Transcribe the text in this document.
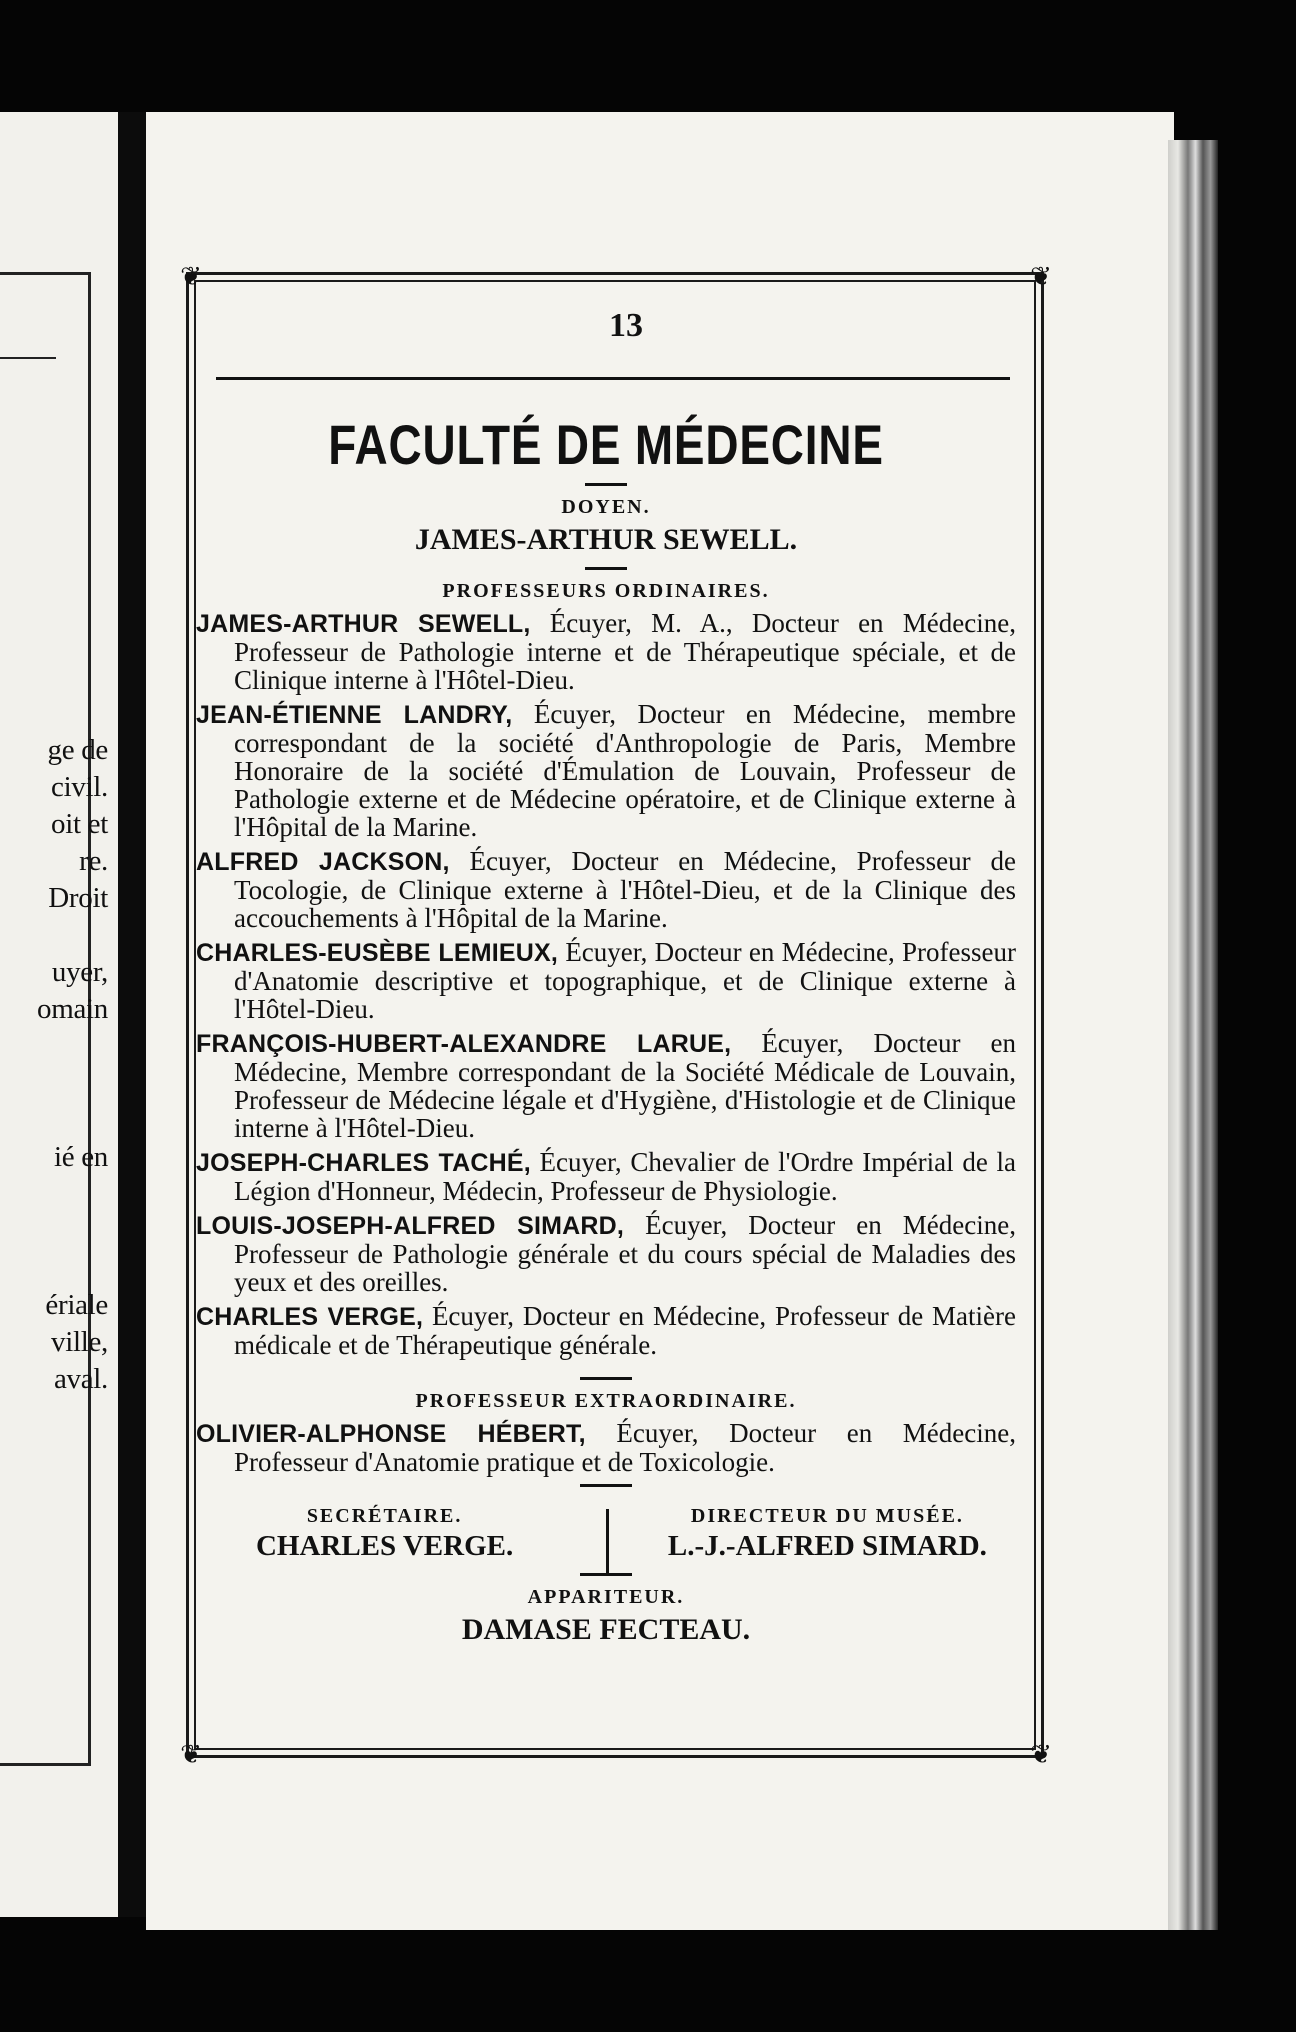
ge de
civil.
oit et
re.
Droit

uyer,
omain

ié en

ériale
ville,
aval.
❦	❦
❦	❦
13
FACULTÉ DE MÉDECINE
DOYEN.
JAMES-ARTHUR SEWELL.
PROFESSEURS ORDINAIRES.
JAMES-ARTHUR SEWELL, Écuyer, M. A., Docteur en Médecine, Professeur de Pathologie interne et de Thérapeutique spéciale, et de Clinique interne à l'Hôtel-Dieu.
JEAN-ÉTIENNE LANDRY, Écuyer, Docteur en Médecine, membre correspondant de la société d'Anthropologie de Paris, Membre Honoraire de la société d'Émulation de Louvain, Professeur de Pathologie externe et de Médecine opératoire, et de Clinique externe à l'Hôpital de la Marine.
ALFRED JACKSON, Écuyer, Docteur en Médecine, Professeur de Tocologie, de Clinique externe à l'Hôtel-Dieu, et de la Clinique des accouchements à l'Hôpital de la Marine.
CHARLES-EUSÈBE LEMIEUX, Écuyer, Docteur en Médecine, Professeur d'Anatomie descriptive et topographique, et de Clinique externe à l'Hôtel-Dieu.
FRANÇOIS-HUBERT-ALEXANDRE LARUE, Écuyer, Docteur en Médecine, Membre correspondant de la Société Médicale de Louvain, Professeur de Médecine légale et d'Hygiène, d'Histologie et de Clinique interne à l'Hôtel-Dieu.
JOSEPH-CHARLES TACHÉ, Écuyer, Chevalier de l'Ordre Impérial de la Légion d'Honneur, Médecin, Professeur de Physiologie.
LOUIS-JOSEPH-ALFRED SIMARD, Écuyer, Docteur en Médecine, Professeur de Pathologie générale et du cours spécial de Maladies des yeux et des oreilles.
CHARLES VERGE, Écuyer, Docteur en Médecine, Professeur de Matière médicale et de Thérapeutique générale.
PROFESSEUR EXTRAORDINAIRE.
OLIVIER-ALPHONSE HÉBERT, Écuyer, Docteur en Médecine, Professeur d'Anatomie pratique et de Toxicologie.
SECRÉTAIRE.
CHARLES VERGE.
DIRECTEUR DU MUSÉE.
L.-J.-ALFRED SIMARD.
APPARITEUR.
DAMASE FECTEAU.
